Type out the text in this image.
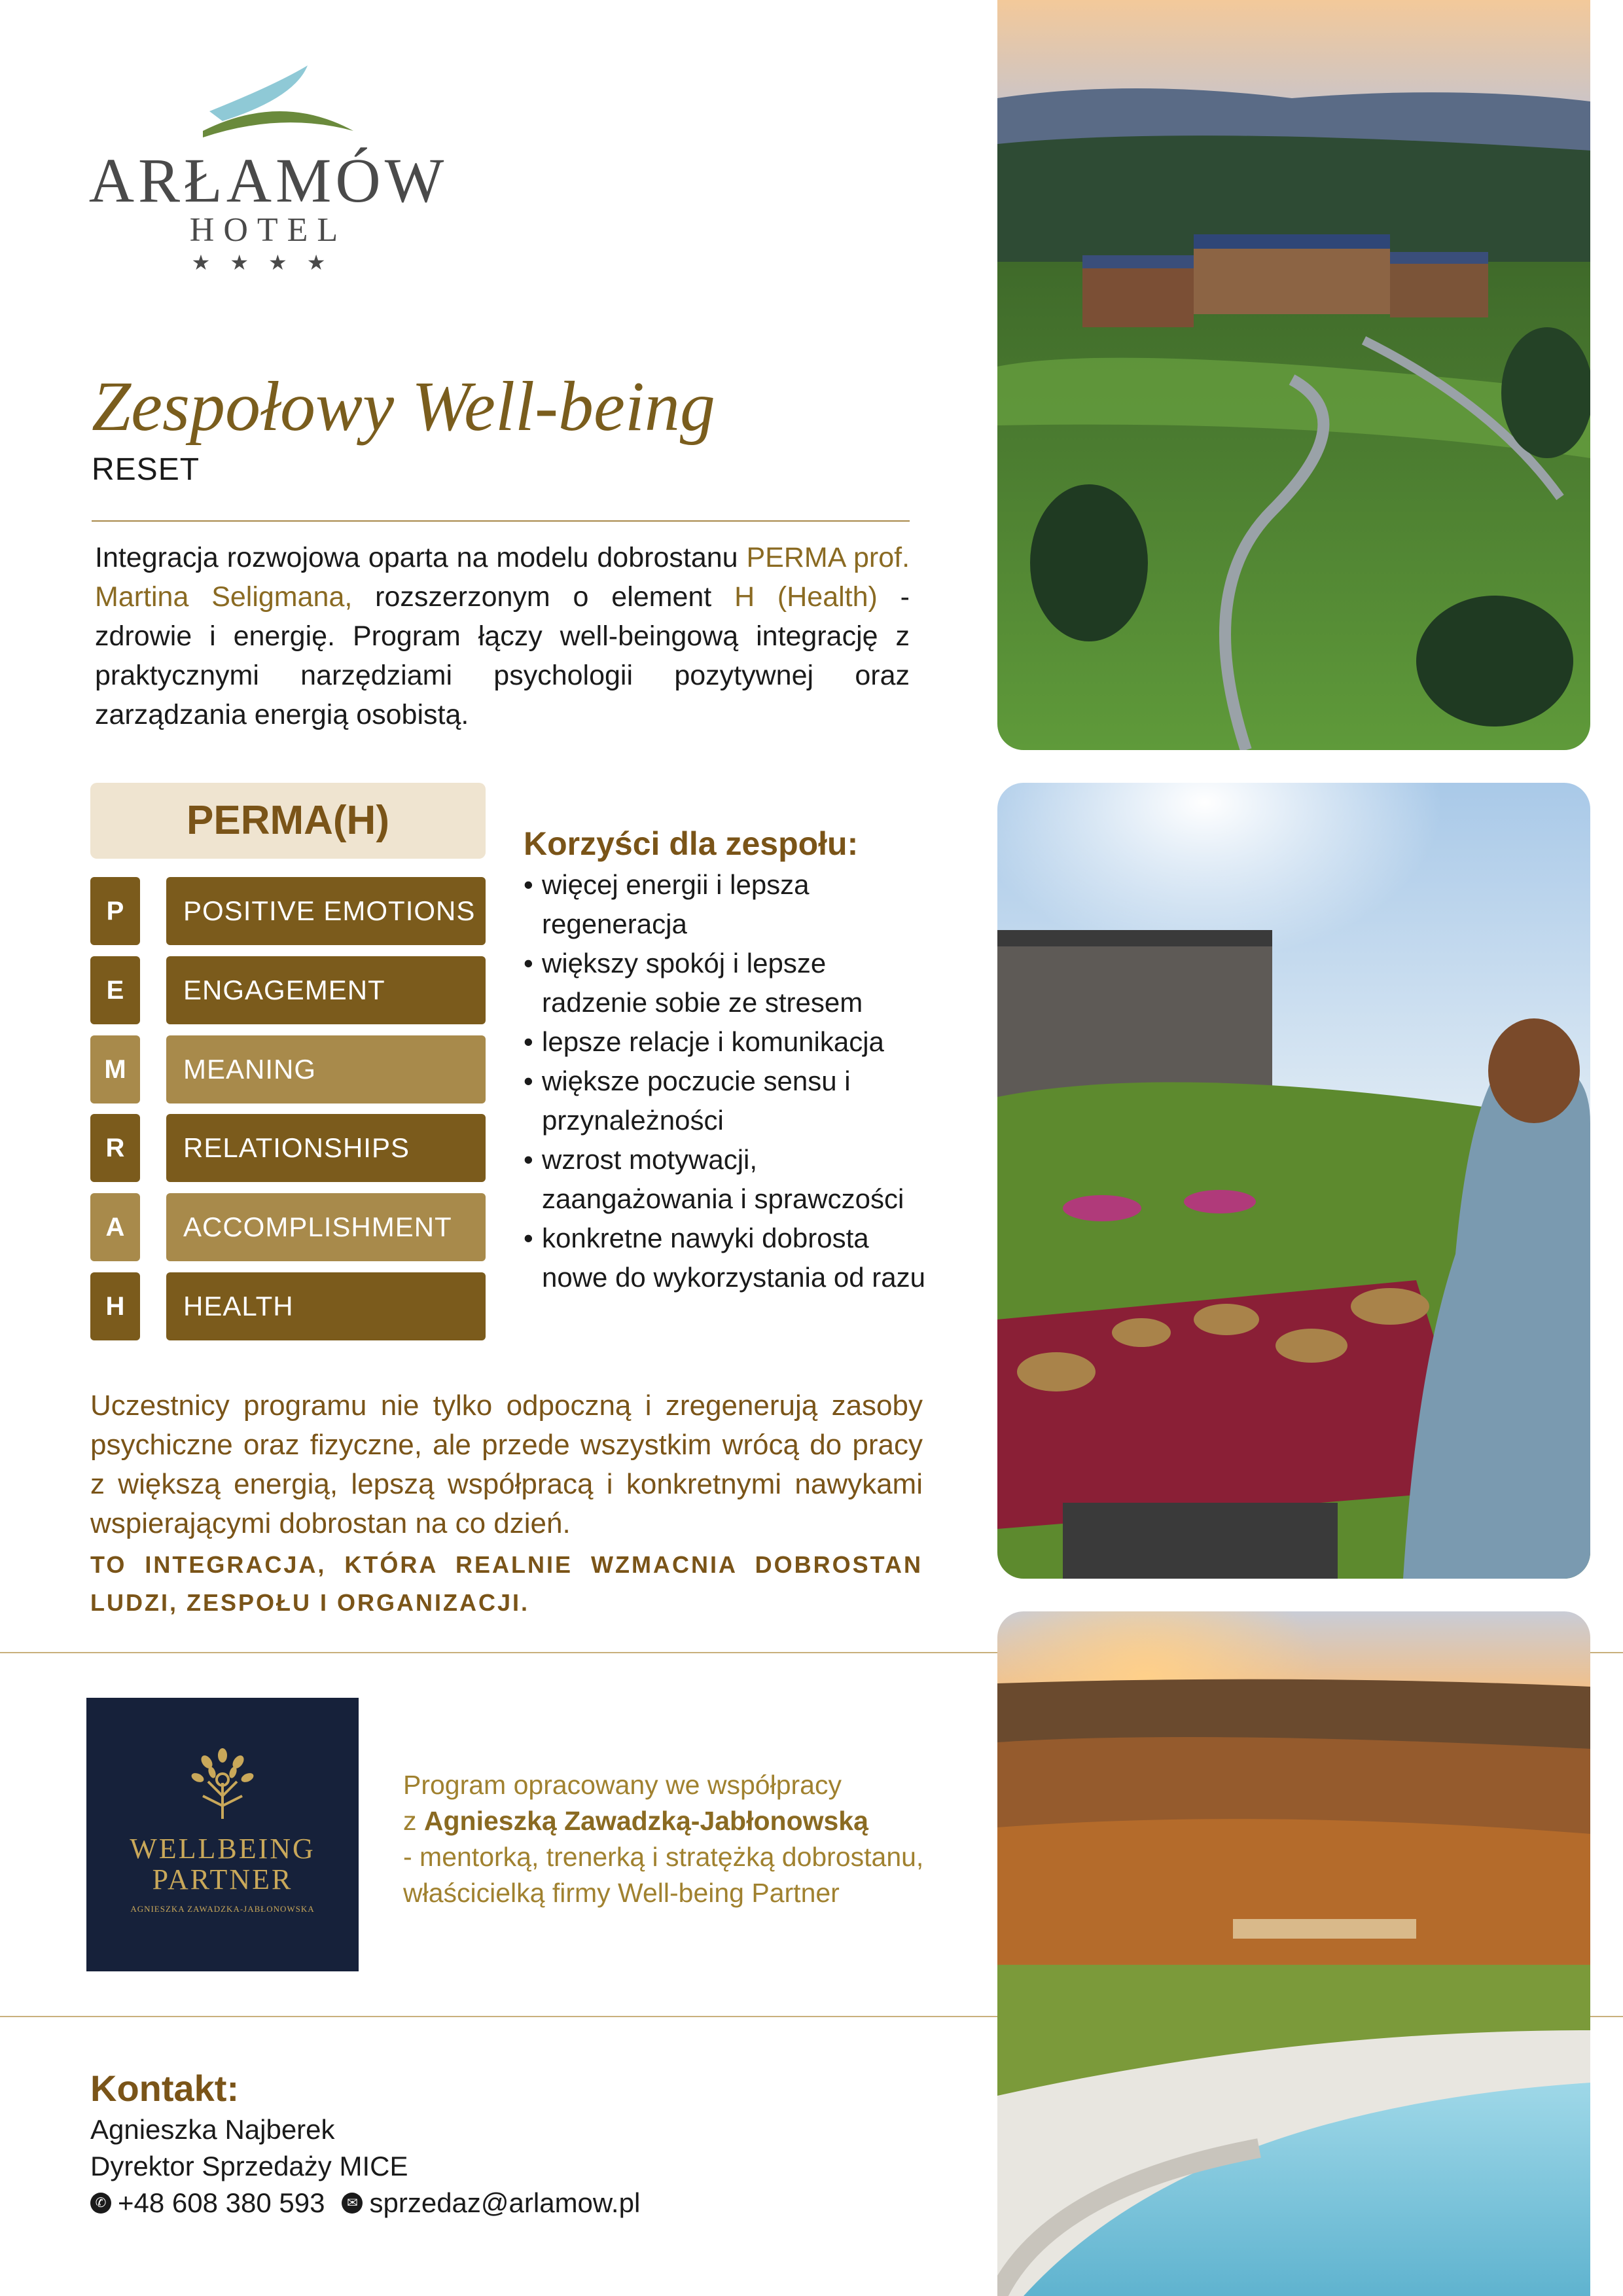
ARŁAMÓW
HOTEL
★★★★
Zespołowy Well-being
RESET
Integracja rozwojowa oparta na modelu dobrostanu PERMA prof. Martina Seligmana, rozszerzonym o element H (Health) - zdrowie i energię. Program łączy well-beingową integrację z praktycznymi narzędziami psychologii pozytywnej oraz zarządzania energią osobistą.
PERMA(H)
P	POSITIVE EMOTIONS
E	ENGAGEMENT
M	MEANING
R	RELATIONSHIPS
A	ACCOMPLISHMENT
H	HEALTH
Korzyści dla zespołu:
• więcej energii i lepsza regeneracja
• większy spokój i lepsze radzenie sobie ze stresem
• lepsze relacje i komunikacja
• większe poczucie sensu i przynależności
• wzrost motywacji, zaangażowania i sprawczości
• konkretne nawyki dobrosta nowe do wykorzystania od razu
Uczestnicy programu nie tylko odpoczną i zregenerują zasoby psychiczne oraz fizyczne, ale przede wszystkim wrócą do pracy z większą energią, lepszą współpracą i konkretnymi nawykami wspierającymi dobrostan na co dzień.
TO INTEGRACJA, KTÓRA REALNIE WZMACNIA DOBROSTAN LUDZI, ZESPOŁU I ORGANIZACJI.
WELLBEING
PARTNER
AGNIESZKA ZAWADZKA-JABŁONOWSKA
Program opracowany we współpracy
z Agnieszką Zawadzką-Jabłonowską
- mentorką, trenerką i stratężką dobrostanu,
właścicielką firmy Well-being Partner
Kontakt:
Agnieszka Najberek
Dyrektor Sprzedaży MICE
✆ +48 608 380 593	✉ sprzedaz@arlamow.pl
